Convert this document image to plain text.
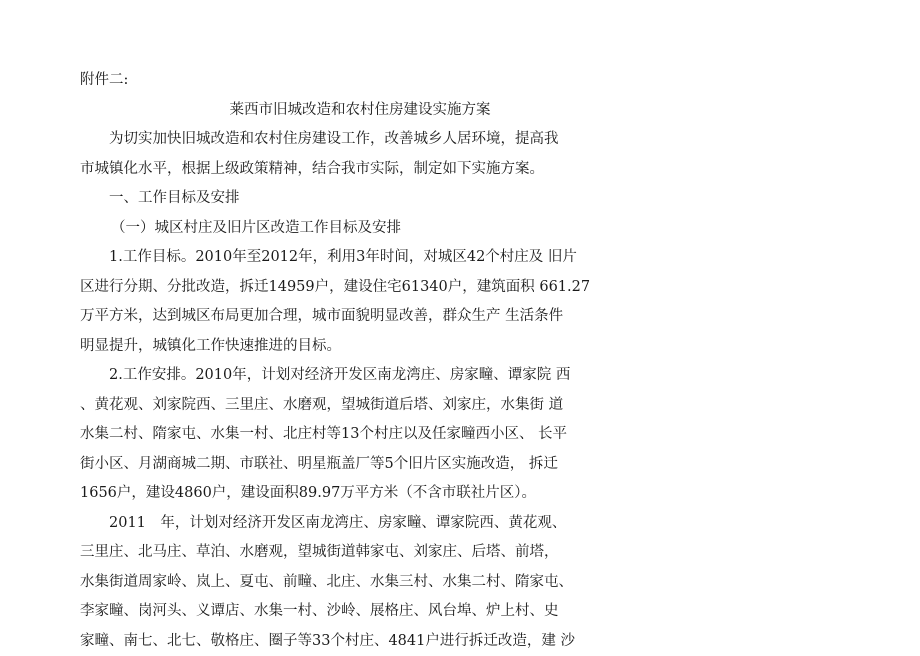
附件二:

莱西市旧城改造和农村住房建设实施方案

为切实加快旧城改造和农村住房建设工作，改善城乡人居环境，提高我

市城镇化水平，根据上级政策精神，结合我市实际，制定如下实施方案。

一、工作目标及安排

（一）城区村庄及旧片区改造工作目标及安排

1.工作目标。2010年至2012年，利用3年时间，对城区42个村庄及 旧片

区进行分期、分批改造，拆迁14959户，建设住宅61340户，建筑面积 661.27

万平方米，达到城区布局更加合理，城市面貌明显改善，群众生产 生活条件

明显提升，城镇化工作快速推进的目标。

2.工作安排。2010年，计划对经济开发区南龙湾庄、房家疃、谭家院 西

、黄花观、刘家院西、三里庄、水磨观，望城街道后塔、刘家庄，水集街 道

水集二村、隋家屯、水集一村、北庄村等13个村庄以及任家疃西小区、 长平

街小区、月湖商城二期、市联社、明星瓶盖厂等5个旧片区实施改造， 拆迁

1656户，建设4860户，建设面积89.97万平方米（不含市联社片区）。

2011　年，计划对经济开发区南龙湾庄、房家疃、谭家院西、黄花观、

三里庄、北马庄、草泊、水磨观，望城街道韩家屯、刘家庄、后塔、前塔，

水集街道周家岭、岚上、夏屯、前疃、北庄、水集三村、水集二村、隋家屯、

李家疃、岗河头、义谭店、水集一村、沙岭、展格庄、风台埠、炉上村、史

家疃、南七、北七、敬格庄、圈子等33个村庄、4841户进行拆迁改造，建 沙
